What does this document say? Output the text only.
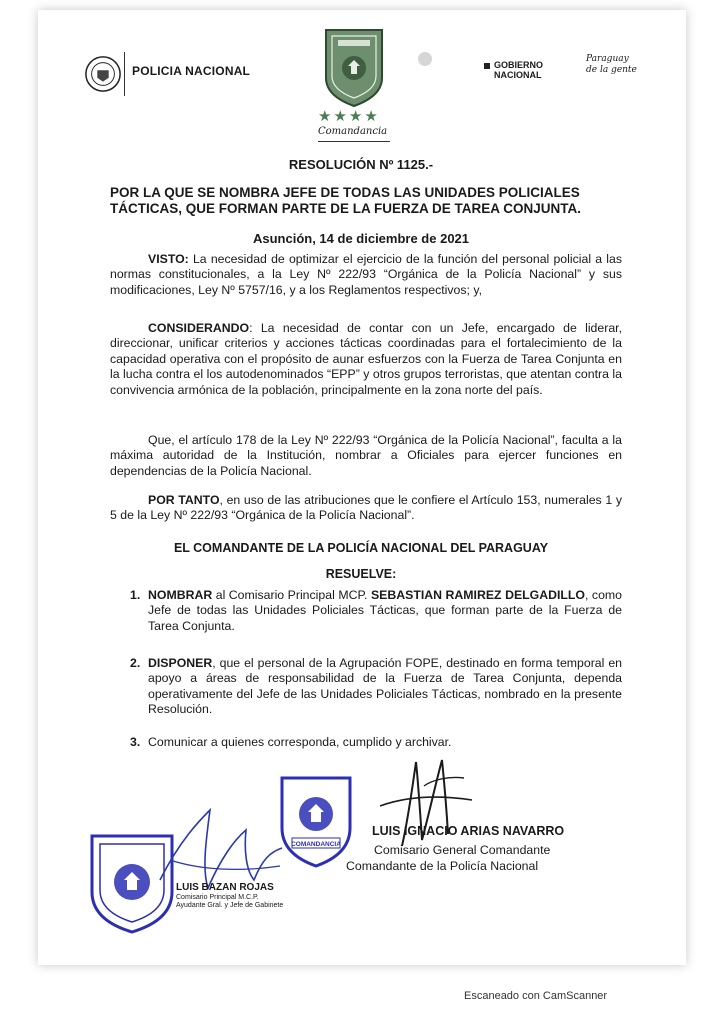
POLICIA NACIONAL
★★★★
Comandancia
GOBIERNO
NACIONAL
Paraguay
de la gente
RESOLUCIÓN Nº 1125.-
POR LA QUE SE NOMBRA JEFE DE TODAS LAS UNIDADES POLICIALES TÁCTICAS, QUE FORMAN PARTE DE LA FUERZA DE TAREA CONJUNTA.
Asunción, 14 de diciembre de 2021
VISTO: La necesidad de optimizar el ejercicio de la función del personal policial a las normas constitucionales, a la Ley Nº 222/93 “Orgánica de la Policía Nacional” y sus modificaciones, Ley Nº 5757/16, y a los Reglamentos respectivos; y,
CONSIDERANDO: La necesidad de contar con un Jefe, encargado de liderar, direccionar, unificar criterios y acciones tácticas coordinadas para el fortalecimiento de la capacidad operativa con el propósito de aunar esfuerzos con la Fuerza de Tarea Conjunta en la lucha contra el los autodenominados “EPP” y otros grupos terroristas, que atentan contra la convivencia armónica de la población, principalmente en la zona norte del país.
Que, el artículo 178 de la Ley Nº 222/93 “Orgánica de la Policía Nacional”, faculta a la máxima autoridad de la Institución, nombrar a Oficiales para ejercer funciones en dependencias de la Policía Nacional.
POR TANTO, en uso de las atribuciones que le confiere el Artículo 153, numerales 1 y 5 de la Ley Nº 222/93 “Orgánica de la Policía Nacional”.
EL COMANDANTE DE LA POLICÍA NACIONAL DEL PARAGUAY
RESUELVE:
1. NOMBRAR al Comisario Principal MCP. SEBASTIAN RAMIREZ DELGADILLO, como Jefe de todas las Unidades Policiales Tácticas, que forman parte de la Fuerza de Tarea Conjunta.
2. DISPONER, que el personal de la Agrupación FOPE, destinado en forma temporal en apoyo a áreas de responsabilidad de la Fuerza de Tarea Conjunta, dependa operativamente del Jefe de las Unidades Policiales Tácticas, nombrado en la presente Resolución.
3. Comunicar a quienes corresponda, cumplido y archivar.
COMANDANCIA
LUIS IGNACIO ARIAS NAVARRO
Comisario General Comandante
Comandante de la Policía Nacional
LUIS BAZAN ROJAS
Comisario Principal M.C.P.
Ayudante Gral. y Jefe de Gabinete
Escaneado con CamScanner
